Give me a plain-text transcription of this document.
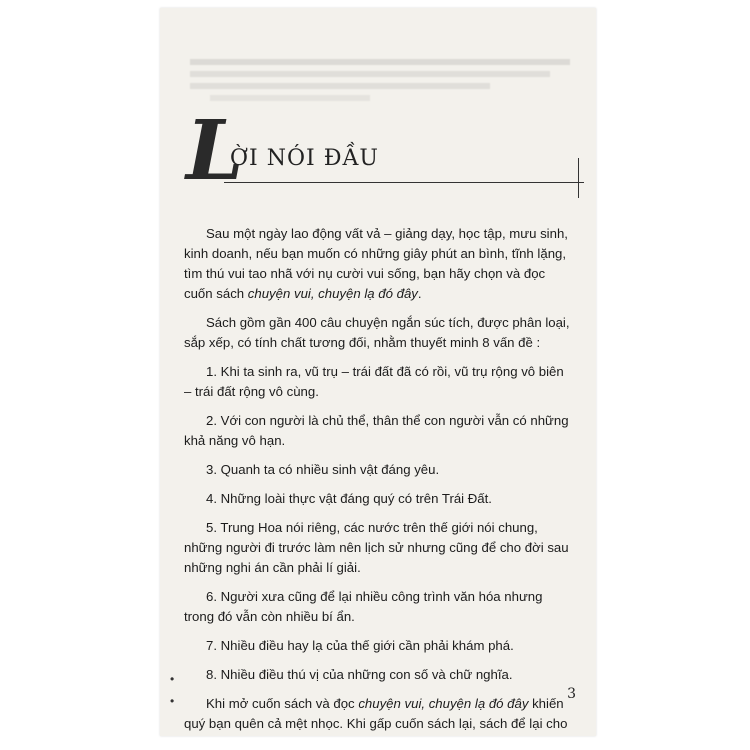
L
ỜI NÓI ĐẦU

Sau một ngày lao động vất vả – giảng dạy, học tập, mưu sinh, kinh doanh, nếu bạn muốn có những giây phút an bình, tĩnh lặng, tìm thú vui tao nhã với nụ cười vui sống, bạn hãy chọn và đọc cuốn sách chuyện vui, chuyện lạ đó đây.

Sách gồm gần 400 câu chuyện ngắn súc tích, được phân loại, sắp xếp, có tính chất tương đối, nhằm thuyết minh 8 vấn đề :

1. Khi ta sinh ra, vũ trụ – trái đất đã có rồi, vũ trụ rộng vô biên – trái đất rộng vô cùng.

2. Với con người là chủ thể, thân thể con người vẫn có những khả năng vô hạn.

3. Quanh ta có nhiều sinh vật đáng yêu.

4. Những loài thực vật đáng quý có trên Trái Đất.

5. Trung Hoa nói riêng, các nước trên thế giới nói chung, những người đi trước làm nên lịch sử nhưng cũng để cho đời sau những nghi án cần phải lí giải.

6. Người xưa cũng để lại nhiều công trình văn hóa nhưng trong đó vẫn còn nhiều bí ẩn.

7. Nhiều điều hay lạ của thế giới cần phải khám phá.

8. Nhiều điều thú vị của những con số và chữ nghĩa.

Khi mở cuốn sách và đọc chuyện vui, chuyện lạ đó đây khiến quý bạn quên cả mệt nhọc. Khi gấp cuốn sách lại, sách để lại cho

•
•	3
